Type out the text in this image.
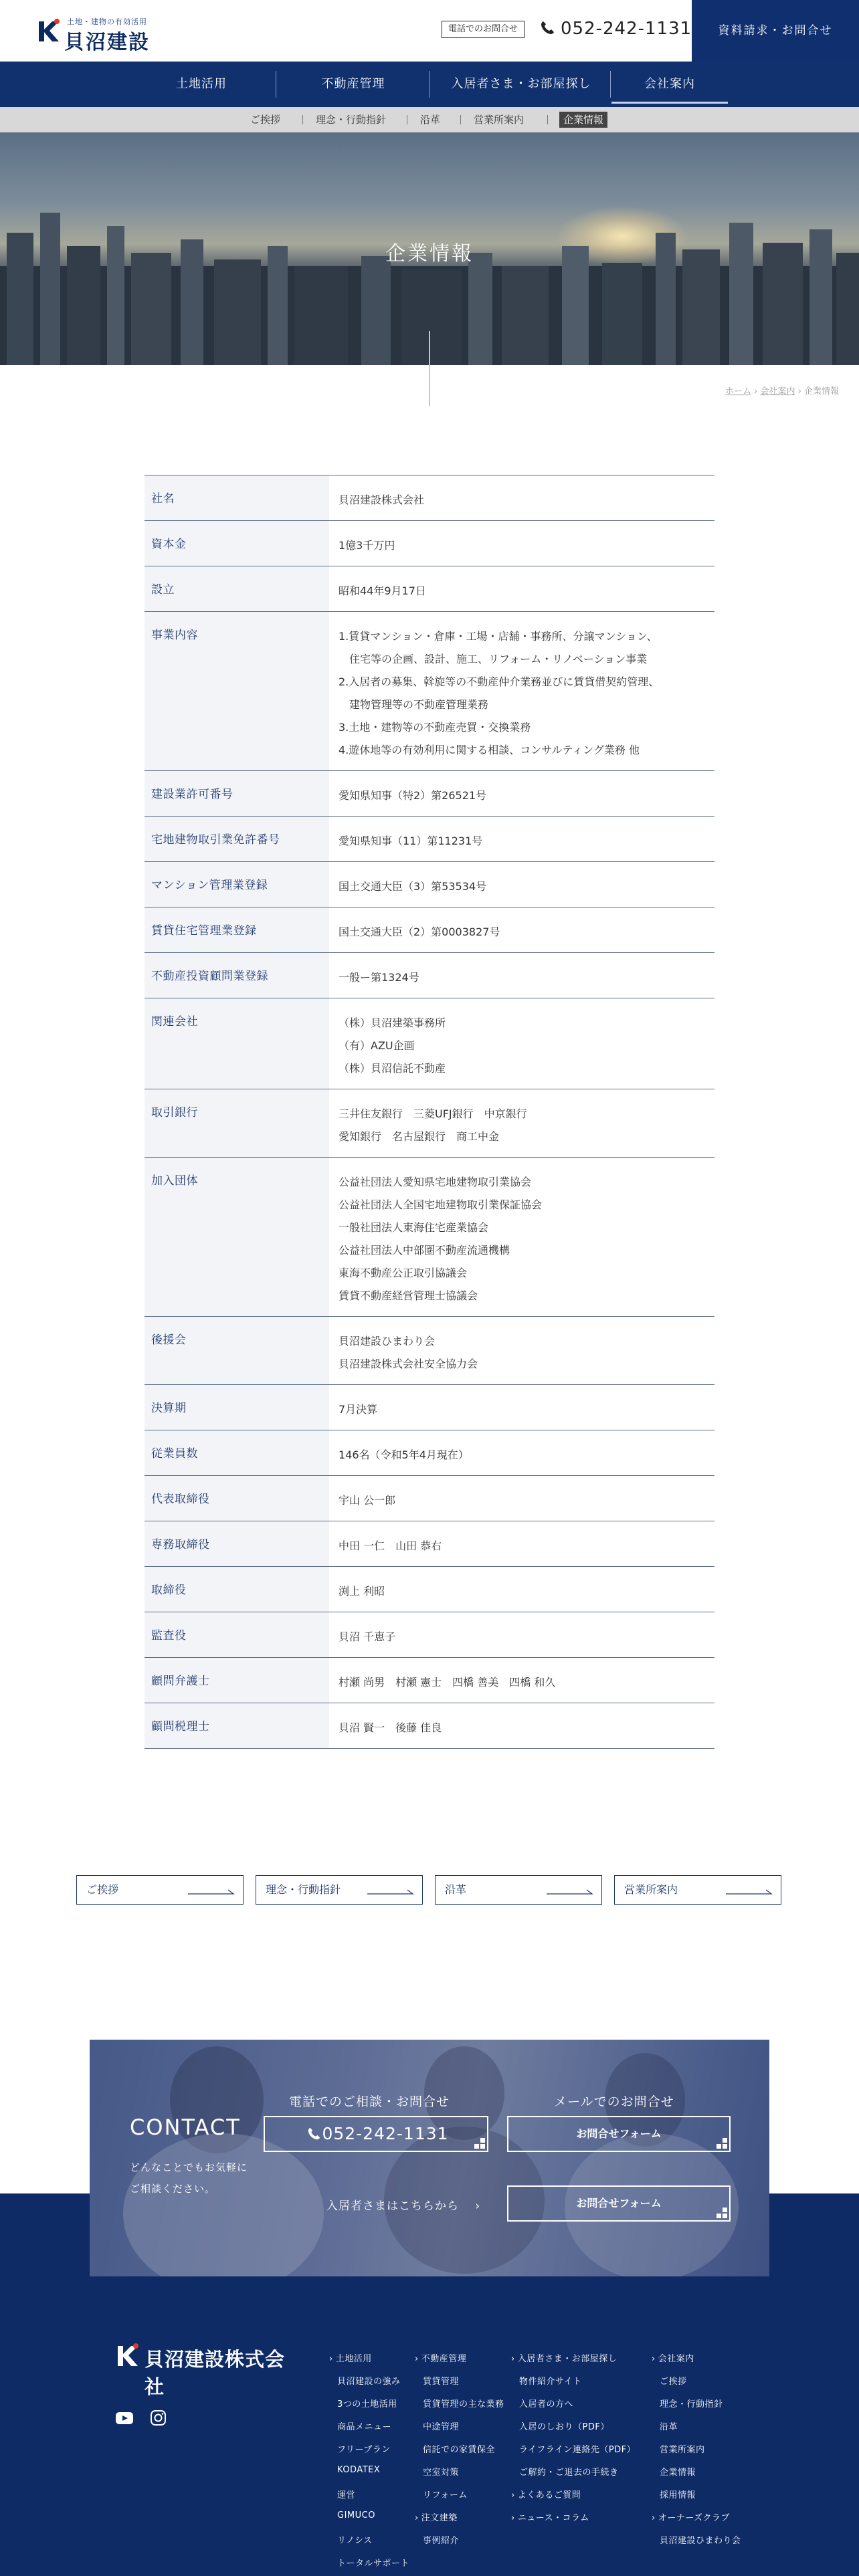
土地・建物の有効活用
貝沼建設
電話でのお問合せ	052-242-1131	資料請求・お問合せ
土地活用	不動産管理	入居者さま・お部屋探し	会社案内
ご挨拶	理念・行動指針	沿革	営業所案内	企業情報
企業情報
ホーム › 会社案内 › 企業情報
社名	貝沼建設株式会社
資本金	1億3千万円
設立	昭和44年9月17日
事業内容	1.賃貸マンション・倉庫・工場・店舗・事務所、分譲マンション、
　住宅等の企画、設計、施工、リフォーム・リノベーション事業
2.入居者の募集、斡旋等の不動産仲介業務並びに賃貸借契約管理、
　建物管理等の不動産管理業務
3.土地・建物等の不動産売買・交換業務
4.遊休地等の有効利用に関する相談、コンサルティング業務 他
建設業許可番号	愛知県知事（特2）第26521号
宅地建物取引業免許番号	愛知県知事（11）第11231号
マンション管理業登録	国土交通大臣（3）第53534号
賃貸住宅管理業登録	国土交通大臣（2）第0003827号
不動産投資顧問業登録	一般ー第1324号
関連会社	（株）貝沼建築事務所
（有）AZU企画
（株）貝沼信託不動産
取引銀行	三井住友銀行　三菱UFJ銀行　中京銀行
愛知銀行　名古屋銀行　商工中金
加入団体	公益社団法人愛知県宅地建物取引業協会
公益社団法人全国宅地建物取引業保証協会
一般社団法人東海住宅産業協会
公益社団法人中部圏不動産流通機構
東海不動産公正取引協議会
賃貸不動産経営管理士協議会
後援会	貝沼建設ひまわり会
貝沼建設株式会社安全協力会
決算期	7月決算
従業員数	146名（令和5年4月現在）
代表取締役	宇山 公一郎
専務取締役	中田 一仁　山田 恭右
取締役	渕上 利昭
監査役	貝沼 千恵子
顧問弁護士	村瀬 尚男　村瀬 憲士　四橋 善美　四橋 和久
顧問税理士	貝沼 賢一　後藤 佳良
ご挨拶	理念・行動指針	沿革	営業所案内
CONTACT
どんなことでもお気軽に
ご相談ください。
電話でのご相談・お問合せ
052-242-1131
メールでのお問合せ
お問合せフォーム
入居者さまはこちらから ›	お問合せフォーム
貝沼建設株式会社
› 土地活用
貝沼建設の強み
3つの土地活用
商品メニュー
フリープラン
KODATEX
運営
GIMUCO
リノシス
トータルサポート
› 不動産管理
賃貸管理
賃貸管理の主な業務
中途管理
信託での家賃保全
空室対策
リフォーム
› 注文建築
事例紹介
› 入居者さま・お部屋探し
物件紹介サイト
入居者の方へ
入居のしおり（PDF）
ライフライン連絡先（PDF）
ご解約・ご退去の手続き
› よくあるご質問
› ニュース・コラム
› 会社案内
ご挨拶
理念・行動指針
沿革
営業所案内
企業情報
採用情報
› オーナーズクラブ
貝沼建設ひまわり会
